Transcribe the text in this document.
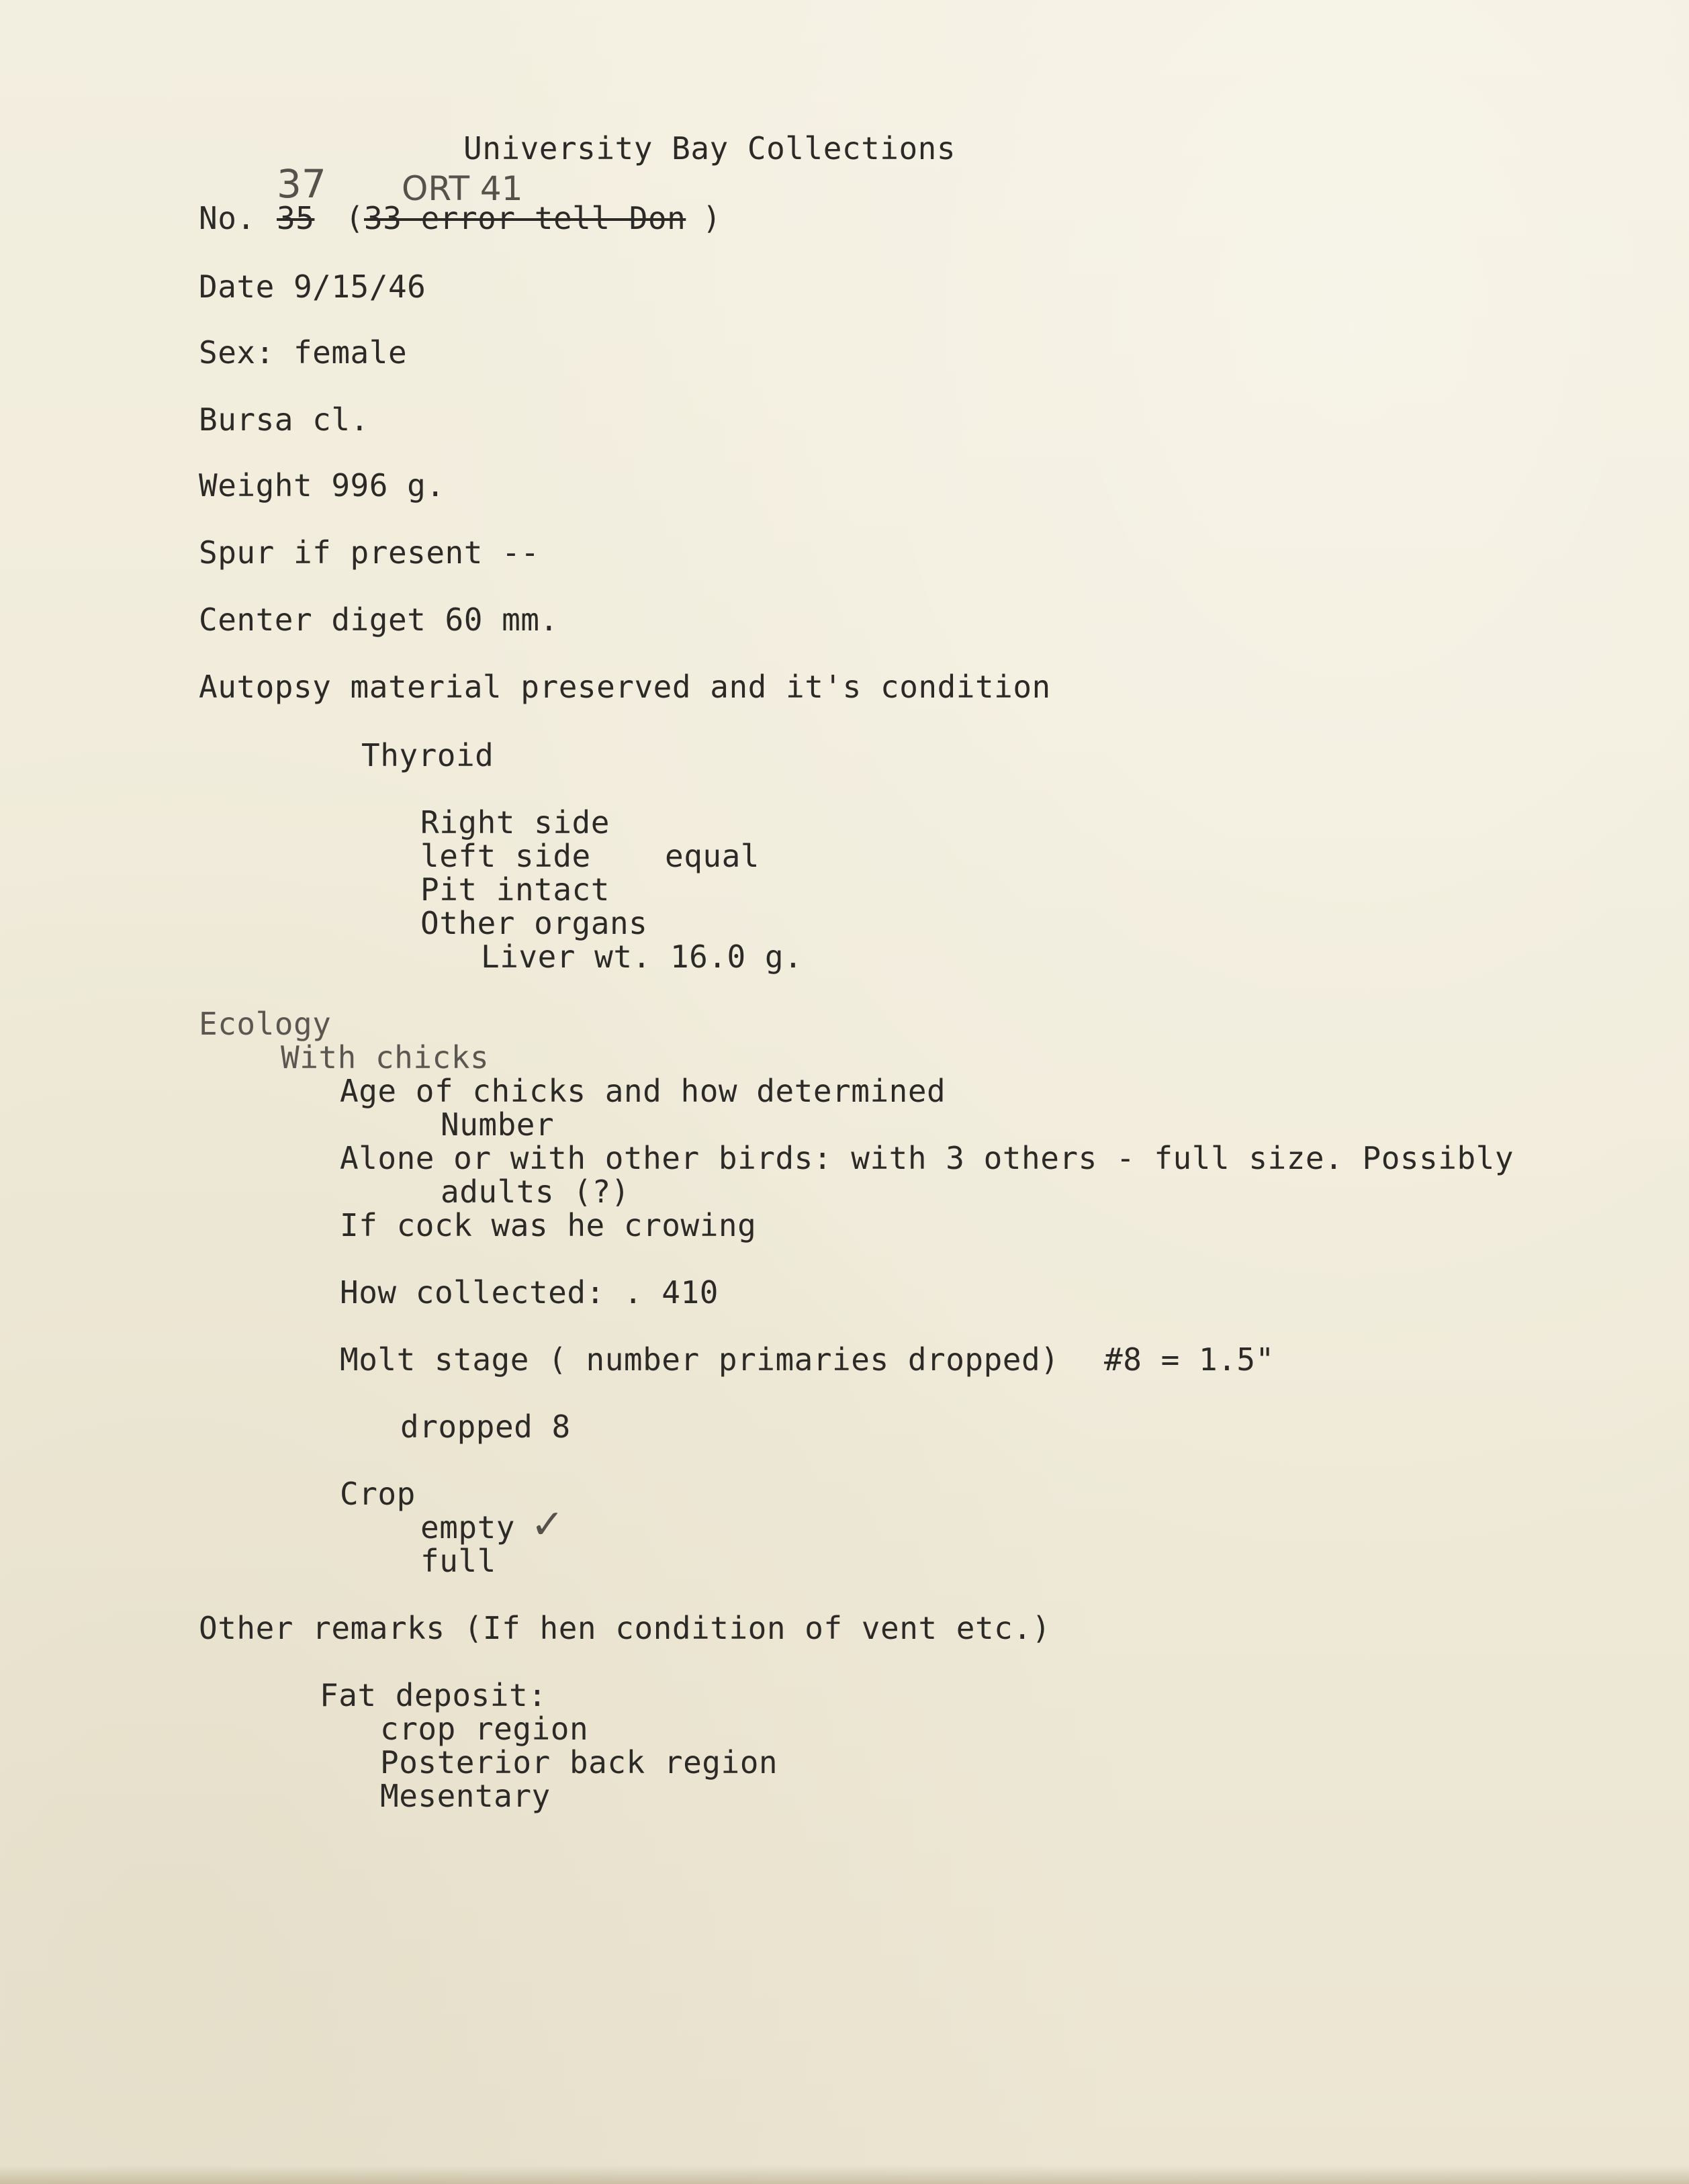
University Bay Collections
No. 35
37 ORT 41
( 33 error tell Don )
Date 9/15/46
Sex: female
Bursa cl.
Weight 996 g.
Spur if present --
Center diget 60 mm.
Autopsy material preserved and it's condition
Thyroid
Right side
left side equal
Pit intact
Other organs
Liver wt. 16.0 g.
Ecology
With chicks
Age of chicks and how determined
Number
Alone or with other birds: with 3 others - full size. Possibly
adults (?)
If cock was he crowing
How collected: . 410
Molt stage ( number primaries dropped) #8 = 1.5"
dropped 8
Crop
empty ✓
full
Other remarks (If hen condition of vent etc.)
Fat deposit:
crop region
Posterior back region
Mesentary
